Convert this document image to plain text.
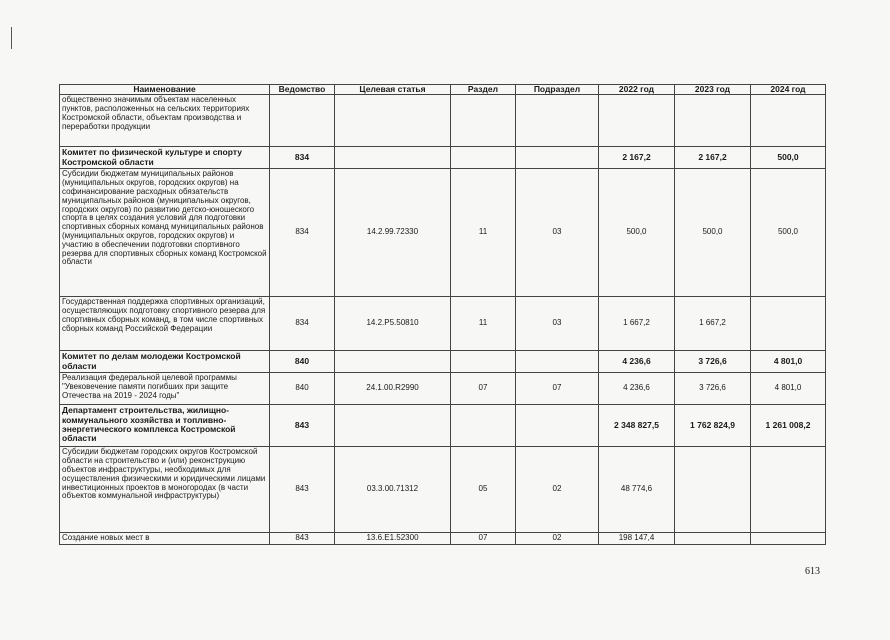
Наименование	Ведомство	Целевая статья	Раздел	Подраздел	2022 год	2023 год	2024 год
общественно значимым объектам населенных пунктов, расположенных на сельских территориях Костромской области, объектам производства и переработки продукции							
Комитет по физической культуре и спорту Костромской области	834				2 167,2	2 167,2	500,0
Субсидии бюджетам муниципальных районов (муниципальных округов, городских округов) на софинансирование расходных обязательств муниципальных районов (муниципальных округов, городских округов) по развитию детско-юношеского спорта в целях создания условий для подготовки спортивных сборных команд муниципальных районов (муниципальных округов, городских округов) и участию в обеспечении подготовки спортивного резерва для спортивных сборных команд Костромской области	834	14.2.99.72330	11	03	500,0	500,0	500,0
Государственная поддержка спортивных организаций, осуществляющих подготовку спортивного резерва для спортивных сборных команд, в том числе спортивных сборных команд Российской Федерации	834	14.2.P5.50810	11	03	1 667,2	1 667,2	
Комитет по делам молодежи Костромской области	840				4 236,6	3 726,6	4 801,0
Реализация федеральной целевой программы "Увековечение памяти погибших при защите Отечества на 2019 - 2024 годы"	840	24.1.00.R2990	07	07	4 236,6	3 726,6	4 801,0
Департамент строительства, жилищно-коммунального хозяйства и топливно-энергетического комплекса Костромской области	843				2 348 827,5	1 762 824,9	1 261 008,2
Субсидии бюджетам городских округов Костромской области на строительство и (или) реконструкцию объектов инфраструктуры, необходимых для осуществления физическими и юридическими лицами инвестиционных проектов в моногородах (в части объектов коммунальной инфраструктуры)	843	03.3.00.71312	05	02	48 774,6		
Создание новых мест в	843	13.6.E1.52300	07	02	198 147,4		
613
